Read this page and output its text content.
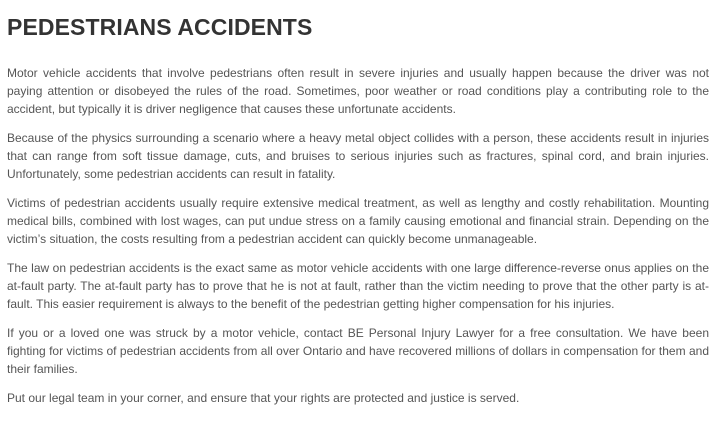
PEDESTRIANS ACCIDENTS

Motor vehicle accidents that involve pedestrians often result in severe injuries and usually happen because the driver was not paying attention or disobeyed the rules of the road. Sometimes, poor weather or road conditions play a contributing role to the accident, but typically it is driver negligence that causes these unfortunate accidents.

Because of the physics surrounding a scenario where a heavy metal object collides with a person, these accidents result in injuries that can range from soft tissue damage, cuts, and bruises to serious injuries such as fractures, spinal cord, and brain injuries. Unfortunately, some pedestrian accidents can result in fatality.

Victims of pedestrian accidents usually require extensive medical treatment, as well as lengthy and costly rehabilitation. Mounting medical bills, combined with lost wages, can put undue stress on a family causing emotional and financial strain. Depending on the victim’s situation, the costs resulting from a pedestrian accident can quickly become unmanageable.

The law on pedestrian accidents is the exact same as motor vehicle accidents with one large difference-reverse onus applies on the at-fault party. The at-fault party has to prove that he is not at fault, rather than the victim needing to prove that the other party is at-fault. This easier requirement is always to the benefit of the pedestrian getting higher compensation for his injuries.

If you or a loved one was struck by a motor vehicle, contact BE Personal Injury Lawyer for a free consultation. We have been fighting for victims of pedestrian accidents from all over Ontario and have recovered millions of dollars in compensation for them and their families.

Put our legal team in your corner, and ensure that your rights are protected and justice is served.
